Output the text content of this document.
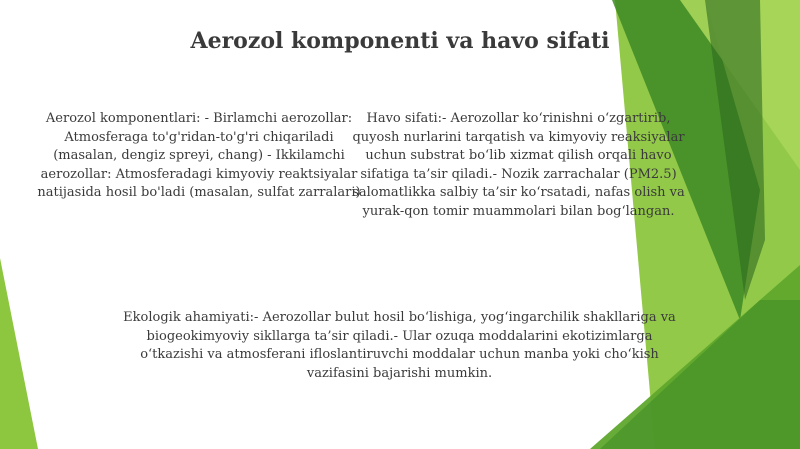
Aerozol komponenti va havo sifati

Aerozol komponentlari: - Birlamchi aerozollar: Atmosferaga to'g'ridan-to'g'ri chiqariladi (masalan, dengiz spreyi, chang) - Ikkilamchi aerozollar: Atmosferadagi kimyoviy reaktsiyalar natijasida hosil bo'ladi (masalan, sulfat zarralari)

Havo sifati:- Aerozollar ko‘rinishni o‘zgartirib, quyosh nurlarini tarqatish va kimyoviy reaksiyalar uchun substrat bo‘lib xizmat qilish orqali havo sifatiga ta’sir qiladi.- Nozik zarrachalar (PM2.5) salomatlikka salbiy ta’sir ko‘rsatadi, nafas olish va yurak-qon tomir muammolari bilan bog‘langan.

Ekologik ahamiyati:- Aerozollar bulut hosil bo‘lishiga, yog‘ingarchilik shakllariga va biogeokimyoviy sikllarga ta’sir qiladi.- Ular ozuqa moddalarini ekotizimlarga o‘tkazishi va atmosferani ifloslantiruvchi moddalar uchun manba yoki cho‘kish vazifasini bajarishi mumkin.
